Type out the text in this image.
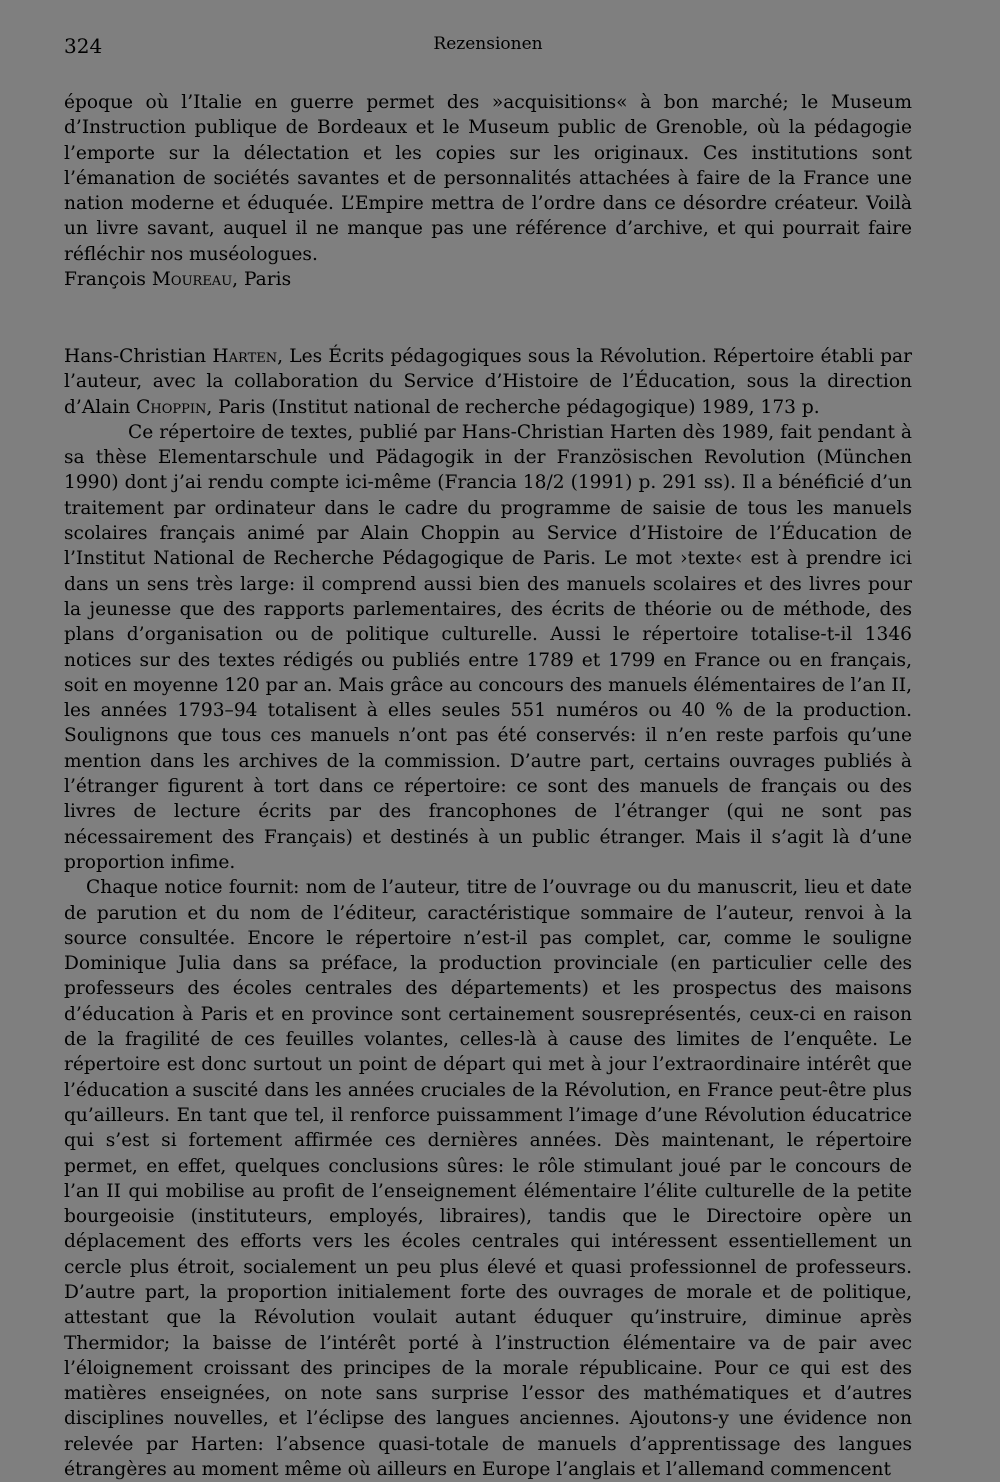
324	Rezensionen

époque où l’Italie en guerre permet des »acquisitions« à bon marché; le Museum d’Instruction publique de Bordeaux et le Museum public de Grenoble, où la pédagogie l’emporte sur la délectation et les copies sur les originaux. Ces institutions sont l’émanation de sociétés savantes et de personnalités attachées à faire de la France une nation moderne et éduquée. L’Empire mettra de l’ordre dans ce désordre créateur. Voilà un livre savant, auquel il ne manque pas une référence d’archive, et qui pourrait faire réfléchir nos muséologues.

François Moureau, Paris

Hans-Christian Harten, Les Écrits pédagogiques sous la Révolution. Répertoire établi par l’auteur, avec la collaboration du Service d’Histoire de l’Éducation, sous la direction d’Alain Choppin, Paris (Institut national de recherche pédagogique) 1989, 173 p.

Ce répertoire de textes, publié par Hans-Christian Harten dès 1989, fait pendant à sa thèse Elementarschule und Pädagogik in der Französischen Revolution (München 1990) dont j’ai rendu compte ici-même (Francia 18/2 (1991) p. 291 ss). Il a bénéficié d’un traitement par ordinateur dans le cadre du programme de saisie de tous les manuels scolaires français animé par Alain Choppin au Service d’Histoire de l’Éducation de l’Institut National de Recherche Pédagogique de Paris. Le mot ›texte‹ est à prendre ici dans un sens très large: il comprend aussi bien des manuels scolaires et des livres pour la jeunesse que des rapports parlementaires, des écrits de théorie ou de méthode, des plans d’organisation ou de politique culturelle. Aussi le répertoire totalise-t-il 1346 notices sur des textes rédigés ou publiés entre 1789 et 1799 en France ou en français, soit en moyenne 120 par an. Mais grâce au concours des manuels élémentaires de l’an II, les années 1793–94 totalisent à elles seules 551 numéros ou 40 % de la production. Soulignons que tous ces manuels n’ont pas été conservés: il n’en reste parfois qu’une mention dans les archives de la commission. D’autre part, certains ouvrages publiés à l’étranger figurent à tort dans ce répertoire: ce sont des manuels de français ou des livres de lecture écrits par des francophones de l’étranger (qui ne sont pas nécessairement des Français) et destinés à un public étranger. Mais il s’agit là d’une proportion infime.

Chaque notice fournit: nom de l’auteur, titre de l’ouvrage ou du manuscrit, lieu et date de parution et du nom de l’éditeur, caractéristique sommaire de l’auteur, renvoi à la source consultée. Encore le répertoire n’est-il pas complet, car, comme le souligne Dominique Julia dans sa préface, la production provinciale (en particulier celle des professeurs des écoles centrales des départements) et les prospectus des maisons d’éducation à Paris et en province sont certainement sousreprésentés, ceux-ci en raison de la fragilité de ces feuilles volantes, celles-là à cause des limites de l’enquête. Le répertoire est donc surtout un point de départ qui met à jour l’extraordinaire intérêt que l’éducation a suscité dans les années cruciales de la Révolution, en France peut-être plus qu’ailleurs. En tant que tel, il renforce puissamment l’image d’une Révolution éducatrice qui s’est si fortement affirmée ces dernières années. Dès maintenant, le répertoire permet, en effet, quelques conclusions sûres: le rôle stimulant joué par le concours de l’an II qui mobilise au profit de l’enseignement élémentaire l’élite culturelle de la petite bourgeoisie (instituteurs, employés, libraires), tandis que le Directoire opère un déplacement des efforts vers les écoles centrales qui intéressent essentiellement un cercle plus étroit, socialement un peu plus élevé et quasi professionnel de professeurs. D’autre part, la proportion initialement forte des ouvrages de morale et de politique, attestant que la Révolution voulait autant éduquer qu’instruire, diminue après Thermidor; la baisse de l’intérêt porté à l’instruction élémentaire va de pair avec l’éloignement croissant des principes de la morale républicaine. Pour ce qui est des matières enseignées, on note sans surprise l’essor des mathématiques et d’autres disciplines nouvelles, et l’éclipse des langues anciennes. Ajoutons-y une évidence non relevée par Harten: l’absence quasi-totale de manuels d’apprentissage des langues étrangères au moment même où ailleurs en Europe l’anglais et l’allemand commencent
